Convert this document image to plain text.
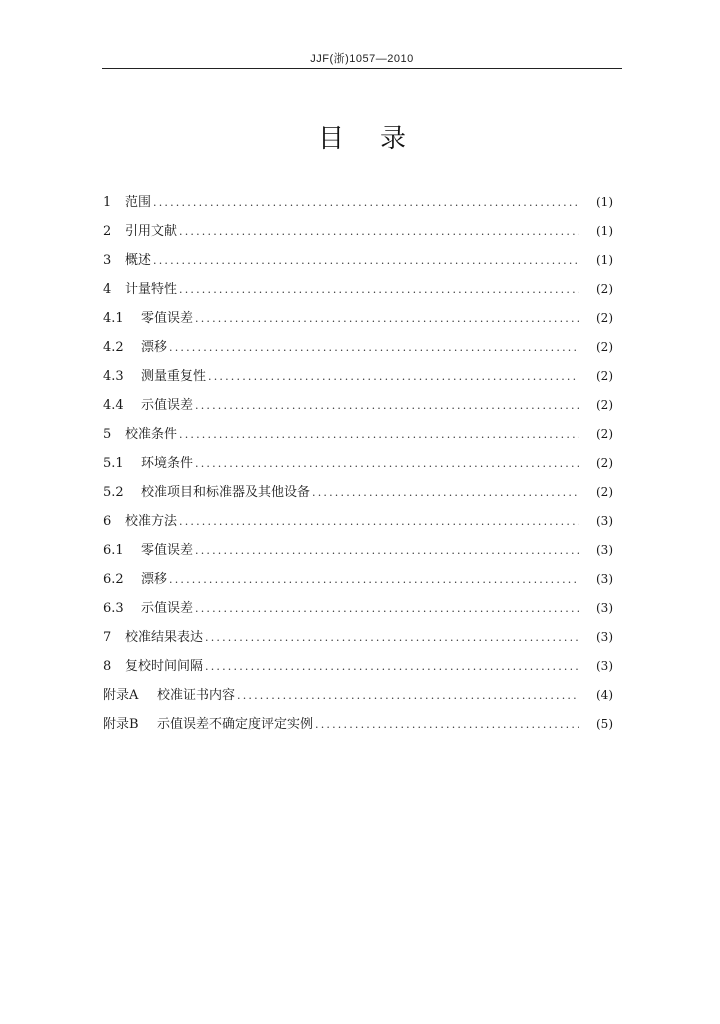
JJF(浙)1057—2010
目录
1	范围 .....	(1)
2	引用文献 .....	(1)
3	概述 .....	(1)
4	计量特性 .....	(2)
4.1	零值误差 .....	(2)
4.2	漂移 .....	(2)
4.3	测量重复性 .....	(2)
4.4	示值误差 .....	(2)
5	校准条件 .....	(2)
5.1	环境条件 .....	(2)
5.2	校准项目和标准器及其他设备 .....	(2)
6	校准方法 .....	(3)
6.1	零值误差 .....	(3)
6.2	漂移 .....	(3)
6.3	示值误差 .....	(3)
7	校准结果表达 .....	(3)
8	复校时间间隔 .....	(3)
附录A	校准证书内容 .....	(4)
附录B	示值误差不确定度评定实例 .....	(5)
